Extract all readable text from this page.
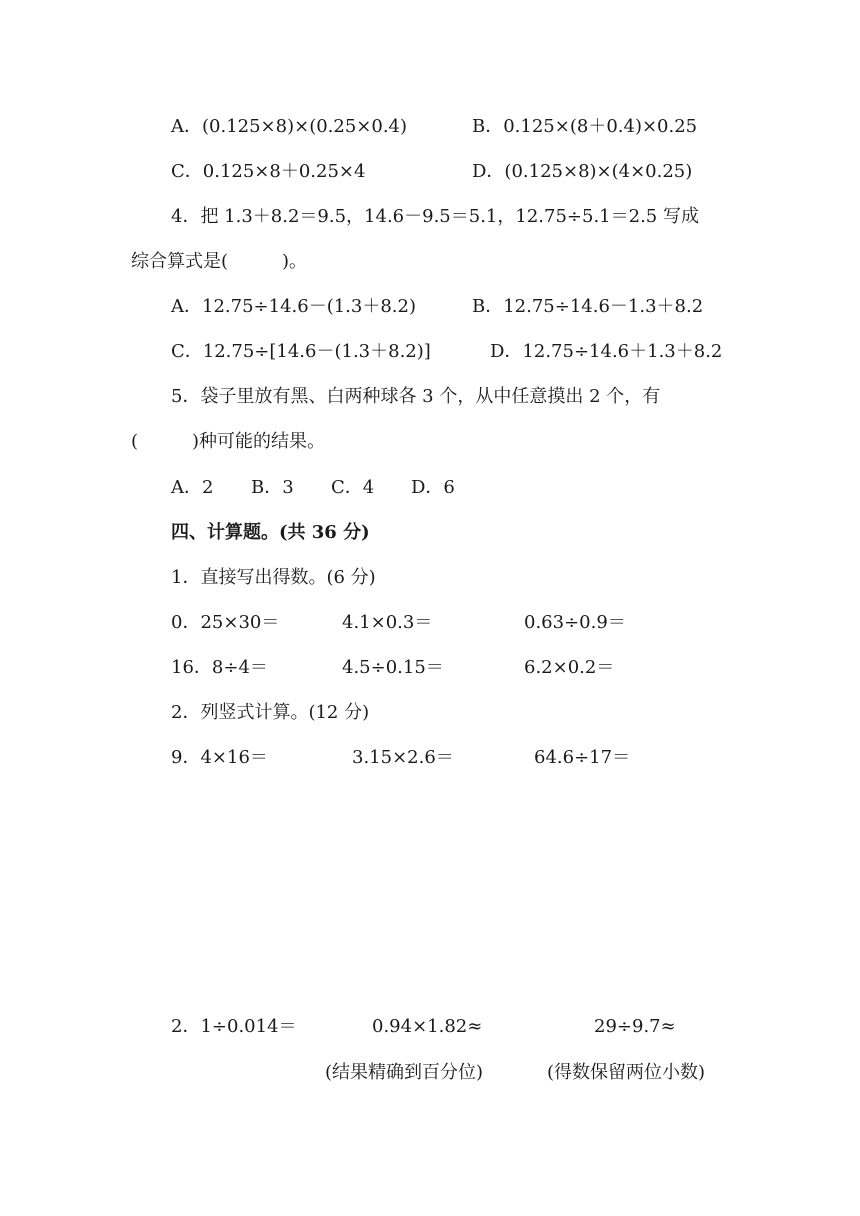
A．(0.125×8)×(0.25×0.4)	B．0.125×(8＋0.4)×0.25
C．0.125×8＋0.25×4	D．(0.125×8)×(4×0.25)
4．把 1.3＋8.2＝9.5，14.6－9.5＝5.1，12.75÷5.1＝2.5 写成
综合算式是(　　　)。
A．12.75÷14.6－(1.3＋8.2)	B．12.75÷14.6－1.3＋8.2
C．12.75÷[14.6－(1.3＋8.2)]	D．12.75÷14.6＋1.3＋8.2
5．袋子里放有黑、白两种球各 3 个，从中任意摸出 2 个，有
(　　　)种可能的结果。
A．2 B．3 C．4 D．6
四、计算题。(共 36 分)
1．直接写出得数。(6 分)
0．25×30＝	4.1×0.3＝	0.63÷0.9＝
16．8÷4＝	4.5÷0.15＝	6.2×0.2＝
2．列竖式计算。(12 分)
9．4×16＝	3.15×2.6＝	64.6÷17＝
2．1÷0.014＝	0.94×1.82≈	29÷9.7≈
(结果精确到百分位)	(得数保留两位小数)
